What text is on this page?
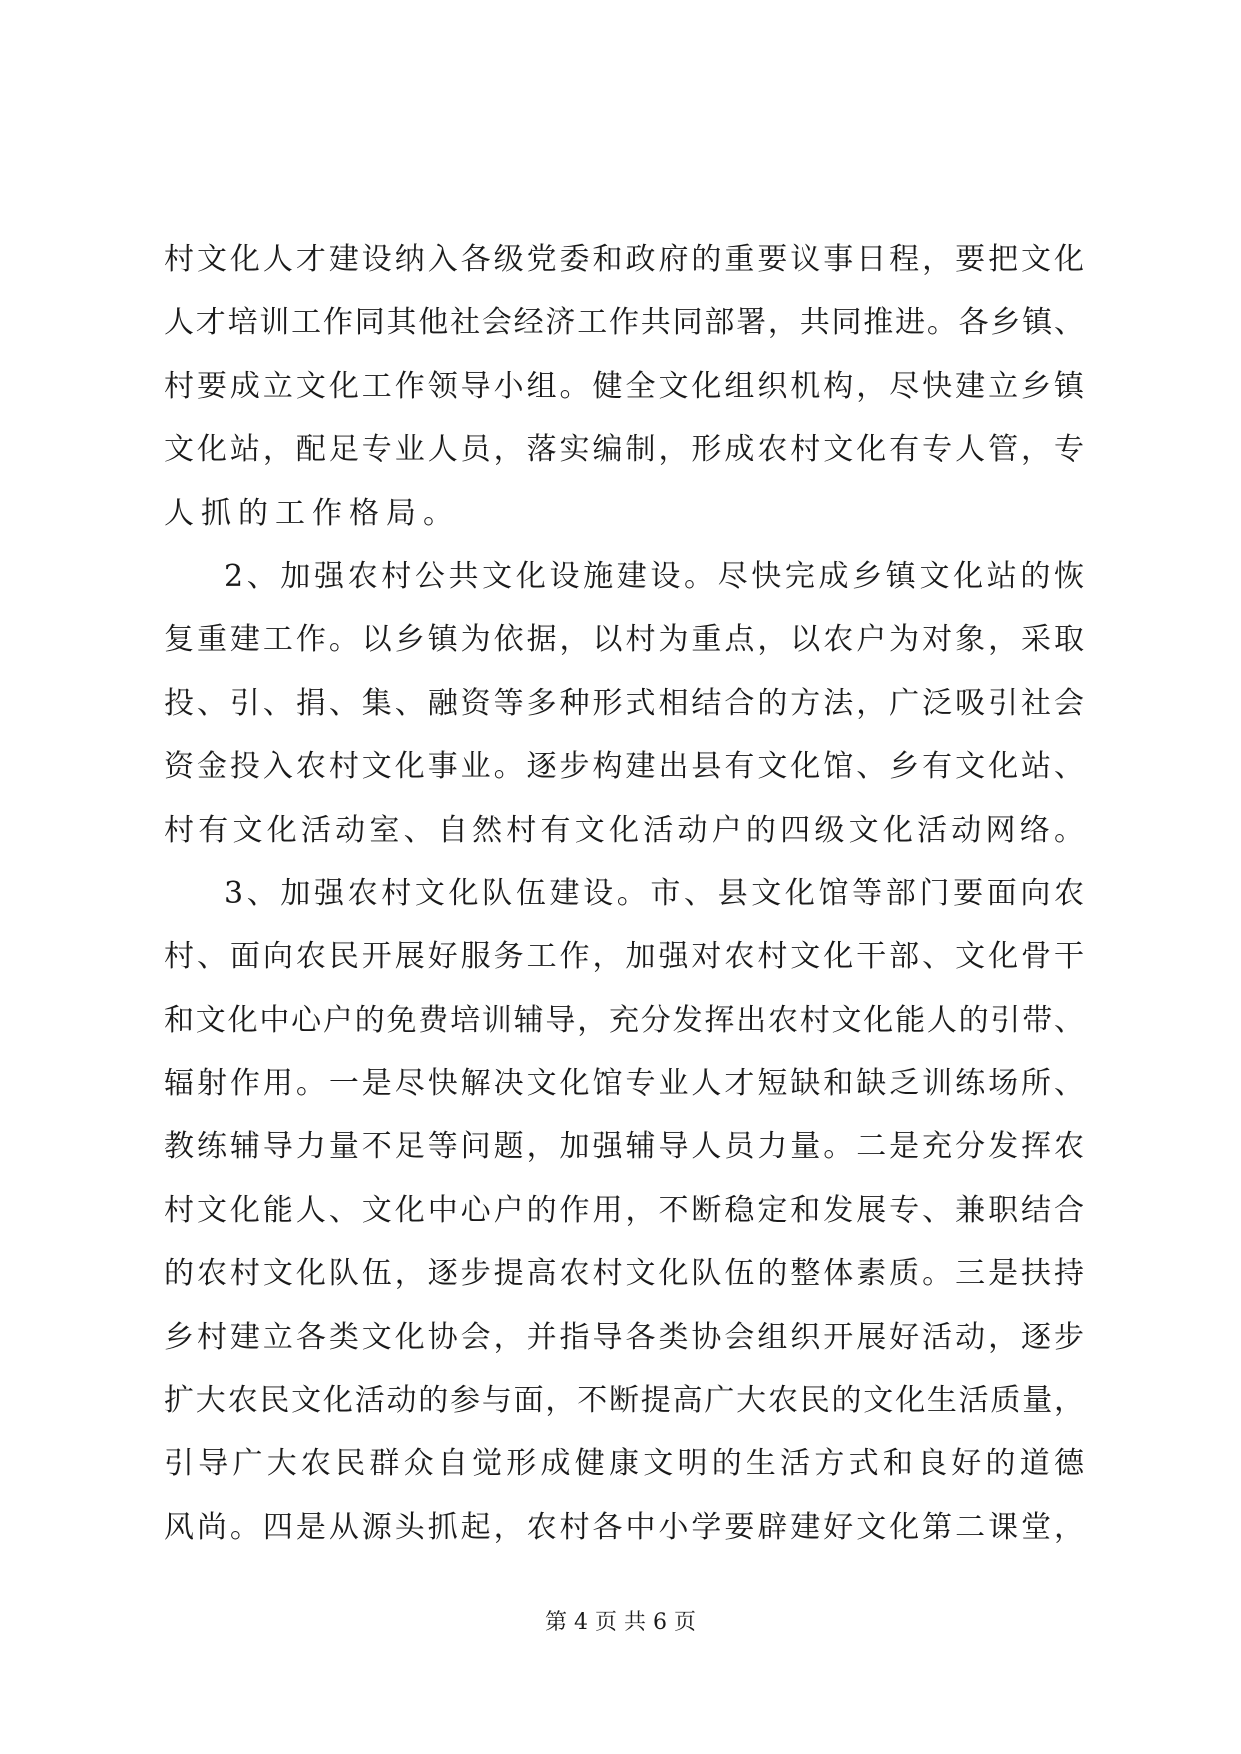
村文化人才建设纳入各级党委和政府的重要议事日程，要把文化
人才培训工作同其他社会经济工作共同部署，共同推进。各乡镇、
村要成立文化工作领导小组。健全文化组织机构，尽快建立乡镇
文化站，配足专业人员，落实编制，形成农村文化有专人管，专
人抓的工作格局。
2、加强农村公共文化设施建设。尽快完成乡镇文化站的恢
复重建工作。以乡镇为依据，以村为重点，以农户为对象，采取
投、引、捐、集、融资等多种形式相结合的方法，广泛吸引社会
资金投入农村文化事业。逐步构建出县有文化馆、乡有文化站、
村有文化活动室、自然村有文化活动户的四级文化活动网络。
3、加强农村文化队伍建设。市、县文化馆等部门要面向农
村、面向农民开展好服务工作，加强对农村文化干部、文化骨干
和文化中心户的免费培训辅导，充分发挥出农村文化能人的引带、
辐射作用。一是尽快解决文化馆专业人才短缺和缺乏训练场所、
教练辅导力量不足等问题，加强辅导人员力量。二是充分发挥农
村文化能人、文化中心户的作用，不断稳定和发展专、兼职结合
的农村文化队伍，逐步提高农村文化队伍的整体素质。三是扶持
乡村建立各类文化协会，并指导各类协会组织开展好活动，逐步
扩大农民文化活动的参与面，不断提高广大农民的文化生活质量，
引导广大农民群众自觉形成健康文明的生活方式和良好的道德
风尚。四是从源头抓起，农村各中小学要辟建好文化第二课堂，
第 4 页 共 6 页
